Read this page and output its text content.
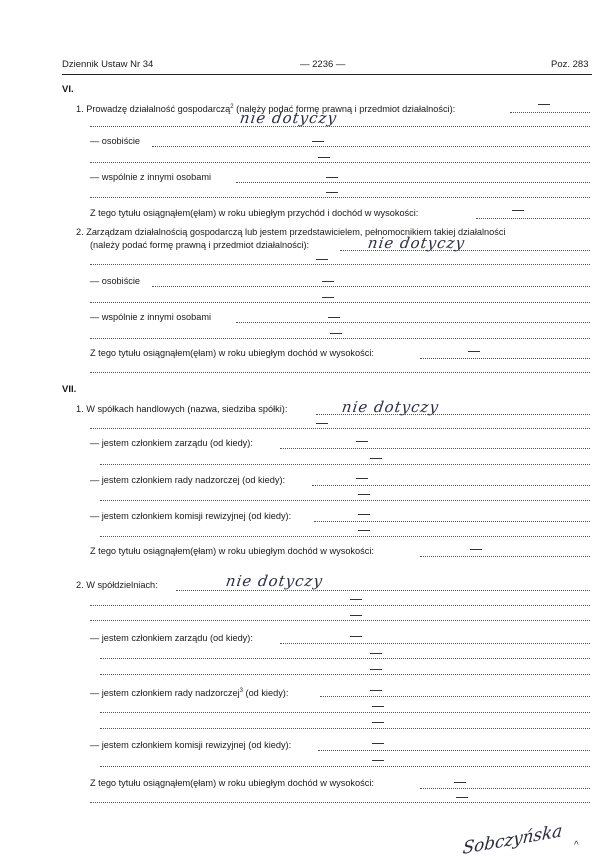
Dziennik Ustaw Nr 34	— 2236 —	Poz. 283
VI.
1. Prowadzę działalność gospodarczą$^2$ (należy podać formę prawną i przedmiot działalności):
nie dotyczy
— osobiście
— wspólnie z innymi osobami
Z tego tytułu osiągnąłem(ęłam) w roku ubiegłym przychód i dochód w wysokości:
2. Zarządzam działalnością gospodarczą lub jestem przedstawicielem, pełnomocnikiem takiej działalności
(należy podać formę prawną i przedmiot działalności):	nie dotyczy
— osobiście
— wspólnie z innymi osobami
Z tego tytułu osiągnąłem(ęłam) w roku ubiegłym dochód w wysokości:
VII.
1. W spółkach handlowych (nazwa, siedziba spółki):	nie dotyczy
— jestem członkiem zarządu (od kiedy):
— jestem członkiem rady nadzorczej (od kiedy):
— jestem członkiem komisji rewizyjnej (od kiedy):
Z tego tytułu osiągnąłem(ęłam) w roku ubiegłym dochód w wysokości:
2. W spółdzielniach:	nie dotyczy
— jestem członkiem zarządu (od kiedy):
— jestem członkiem rady nadzorczej$^3$ (od kiedy):
— jestem członkiem komisji rewizyjnej (od kiedy):
Z tego tytułu osiągnąłem(ęłam) w roku ubiegłym dochód w wysokości:
Sobczyńska ^
